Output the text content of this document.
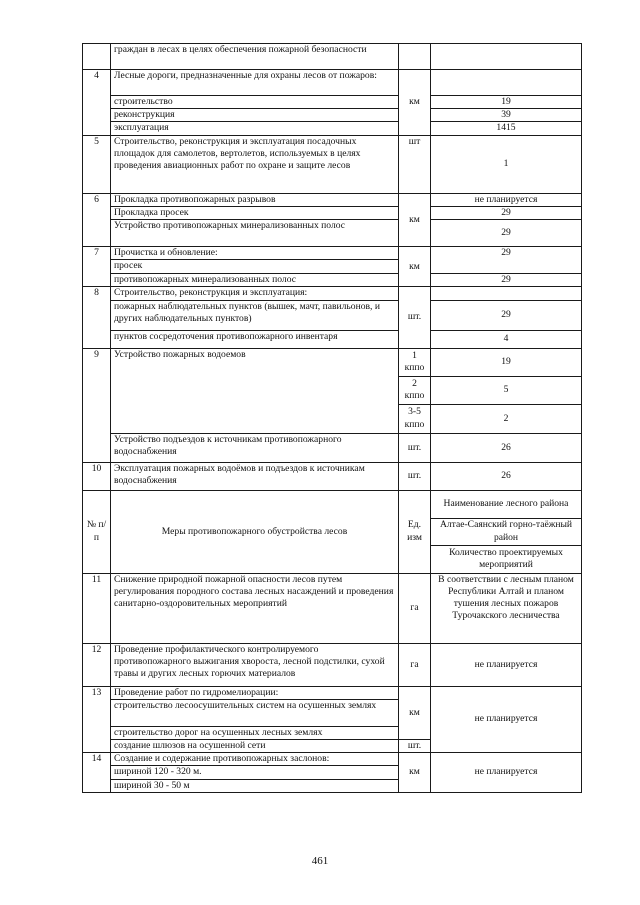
	граждан в лесах в целях обеспечения пожарной безопасности		
4	Лесные дороги, предназначенные для охраны лесов от пожаров:	км	
	строительство		19
	реконструкция		39
	эксплуатация		1415
5	Строительство, реконструкция и эксплуатация посадочных площадок для самолетов, вертолетов, используемых в целях проведения авиационных работ по охране и защите лесов	шт	1
6	Прокладка противопожарных разрывов	км	не планируется
	Прокладка просек		29
	Устройство противопожарных минерализованных полос		29
7	Прочистка и обновление:	км	29
	просек		
	противопожарных минерализованных полос		29
8	Строительство, реконструкция и эксплуатация:	шт.	
	пожарных наблюдательных пунктов (вышек, мачт, павильонов, и других наблюдательных пунктов)		29
	пунктов сосредоточения противопожарного инвентаря		4
9	Устройство пожарных водоемов	1 кппо	19
		2 кппо	5
		3-5 кппо	2
	Устройство подъездов к источникам противопожарного водоснабжения	шт.	26
10	Эксплуатация пожарных водоёмов и подъездов к источникам водоснабжения	шт.	26
№ п/п	Меры противопожарного обустройства лесов	Ед. изм	Наименование лесного района
			Алтае-Саянский горно-таёжный район
			Количество проектируемых мероприятий
11	Снижение природной пожарной опасности лесов путем регулирования породного состава лесных насаждений и проведения санитарно-оздоровительных мероприятий	га	В соответствии с лесным планом Республики Алтай и планом тушения лесных пожаров Турочакского лесничества
12	Проведение профилактического контролируемого противопожарного выжигания хвороста, лесной подстилки, сухой травы и других лесных горючих материалов	га	не планируется
13	Проведение работ по гидромелиорации:	км	не планируется
	строительство лесоосушительных систем на осушенных землях		
	строительство дорог на осушенных лесных землях		
	создание шлюзов на осушенной сети	шт.	
14	Создание и содержание противопожарных заслонов:	км	не планируется
	шириной 120 - 320 м.		
	шириной 30 - 50 м		
461
